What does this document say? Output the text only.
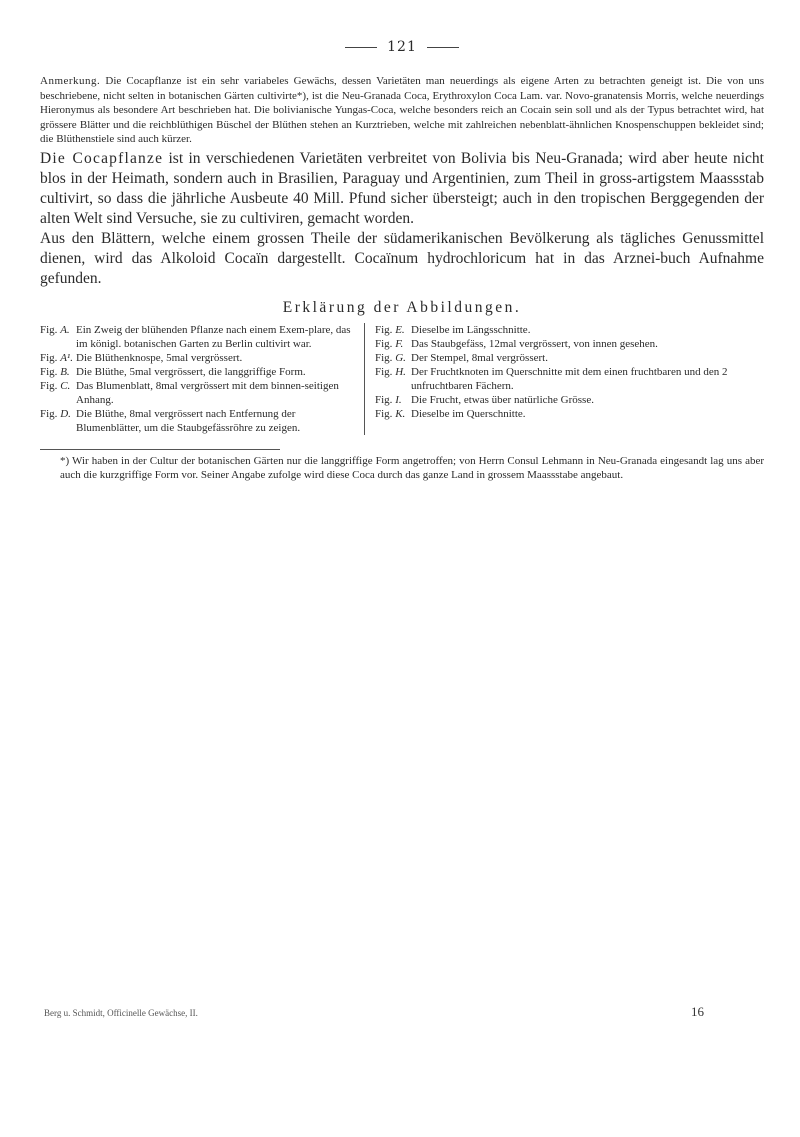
121
Anmerkung. Die Cocapflanze ist ein sehr variabeles Gewächs, dessen Varietäten man neuerdings als eigene Arten zu betrachten geneigt ist. Die von uns beschriebene, nicht selten in botanischen Gärten cultivirte*), ist die Neu-Granada Coca, Erythroxylon Coca Lam. var. Novo-granatensis Morris, welche neuerdings Hieronymus als besondere Art beschrieben hat. Die bolivianische Yungas-Coca, welche besonders reich an Cocain sein soll und als der Typus betrachtet wird, hat grössere Blätter und die reichblüthigen Büschel der Blüthen stehen an Kurztrieben, welche mit zahlreichen nebenblatt-ähnlichen Knospenschuppen bekleidet sind; die Blüthenstiele sind auch kürzer.

Die Cocapflanze ist in verschiedenen Varietäten verbreitet von Bolivia bis Neu-Granada; wird aber heute nicht blos in der Heimath, sondern auch in Brasilien, Paraguay und Argentinien, zum Theil in gross-artigstem Maassstab cultivirt, so dass die jährliche Ausbeute 40 Mill. Pfund sicher übersteigt; auch in den tropischen Berggegenden der alten Welt sind Versuche, sie zu cultiviren, gemacht worden.

Aus den Blättern, welche einem grossen Theile der südamerikanischen Bevölkerung als tägliches Genussmittel dienen, wird das Alkoloid Cocaïn dargestellt. Cocaïnum hydrochloricum hat in das Arznei-buch Aufnahme gefunden.

Erklärung der Abbildungen.
Fig. A. Ein Zweig der blühenden Pflanze nach einem Exem-plare, das im königl. botanischen Garten zu Berlin cultivirt war.
Fig. A¹. Die Blüthenknospe, 5mal vergrössert.
Fig. B. Die Blüthe, 5mal vergrössert, die langgriffige Form.
Fig. C. Das Blumenblatt, 8mal vergrössert mit dem binnen-seitigen Anhang.
Fig. D. Die Blüthe, 8mal vergrössert nach Entfernung der Blumenblätter, um die Staubgefässröhre zu zeigen.
Fig. E. Dieselbe im Längsschnitte.
Fig. F. Das Staubgefäss, 12mal vergrössert, von innen gesehen.
Fig. G. Der Stempel, 8mal vergrössert.
Fig. H. Der Fruchtknoten im Querschnitte mit dem einen fruchtbaren und den 2 unfruchtbaren Fächern.
Fig. I. Die Frucht, etwas über natürliche Grösse.
Fig. K. Dieselbe im Querschnitte.
*) Wir haben in der Cultur der botanischen Gärten nur die langgriffige Form angetroffen; von Herrn Consul Lehmann in Neu-Granada eingesandt lag uns aber auch die kurzgriffige Form vor. Seiner Angabe zufolge wird diese Coca durch das ganze Land in grossem Maassstabe angebaut.
Berg u. Schmidt, Officinelle Gewächse, II.	16
